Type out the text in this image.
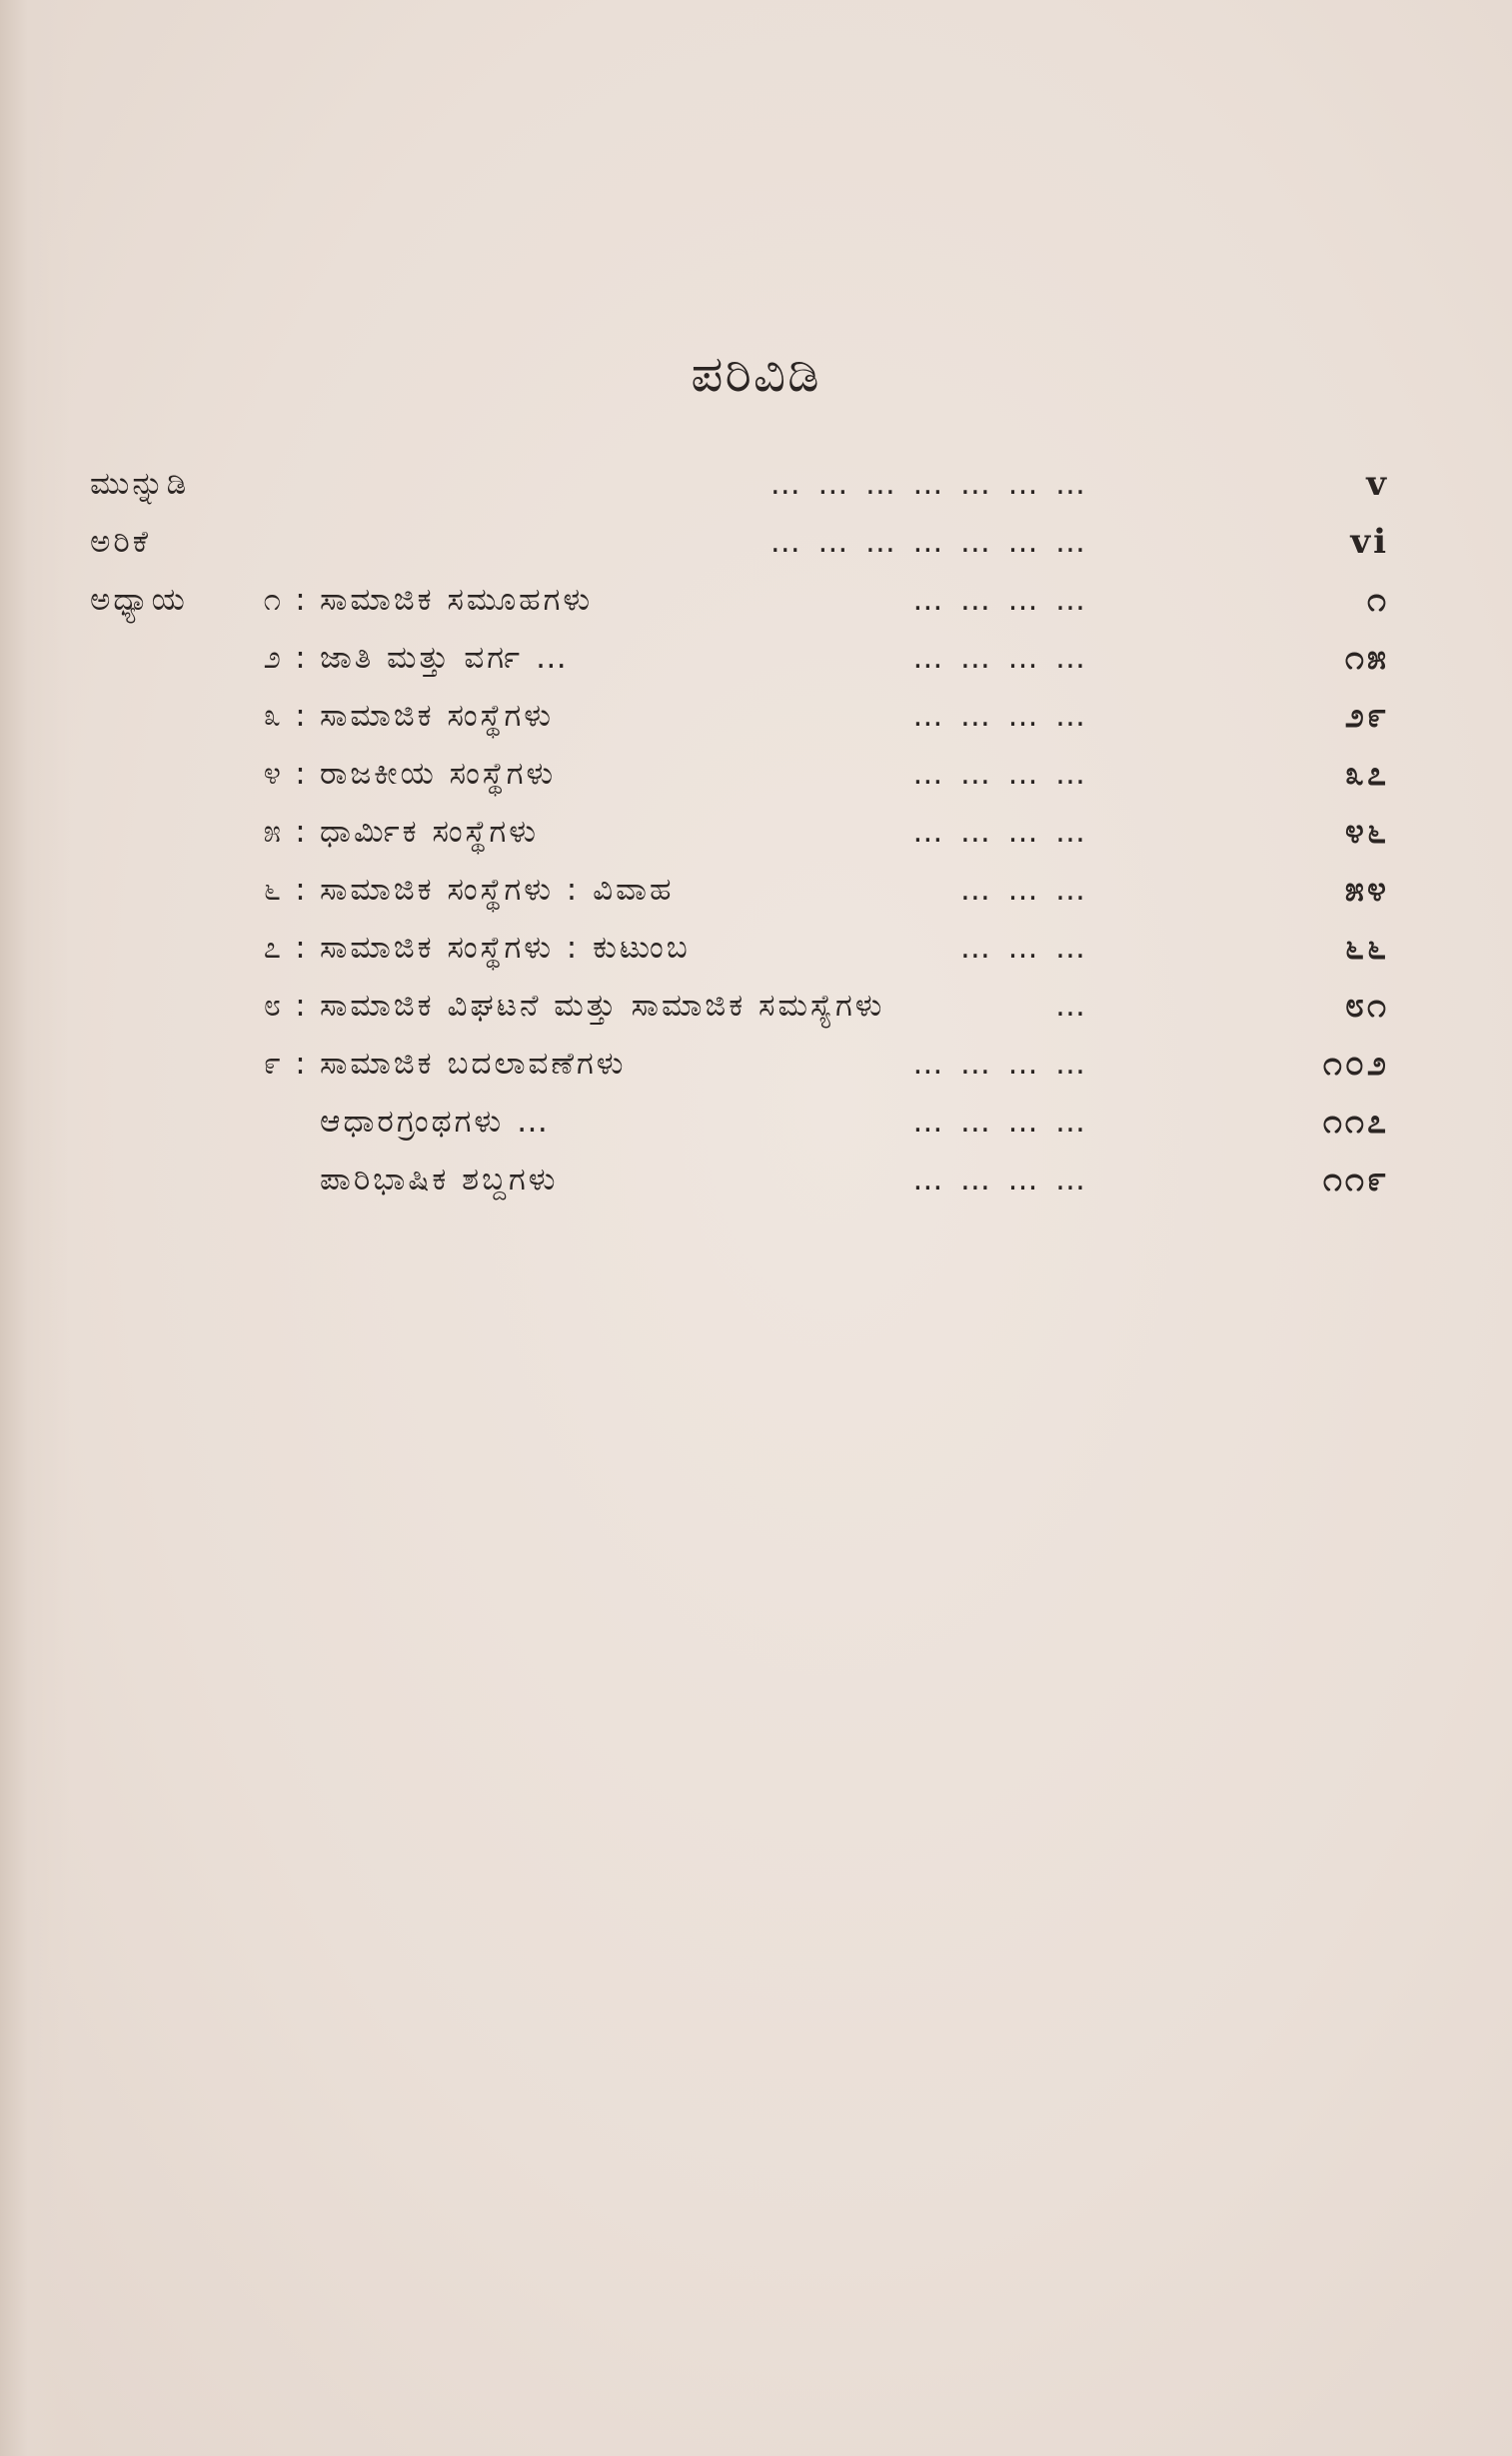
ಪರಿವಿಡಿ
ಮುನ್ನುಡಿ	… … … … … … …	v
ಅರಿಕೆ	… … … … … … …	vi
ಅಧ್ಯಾಯ	೧ : ಸಾಮಾಜಿಕ ಸಮೂಹಗಳು	… … … …	೧
೨ : ಜಾತಿ ಮತ್ತು ವರ್ಗ …	… … … …	೧೫
೩ : ಸಾಮಾಜಿಕ ಸಂಸ್ಥೆಗಳು	… … … …	೨೯
೪ : ರಾಜಕೀಯ ಸಂಸ್ಥೆಗಳು	… … … …	೩೭
೫ : ಧಾರ್ಮಿಕ ಸಂಸ್ಥೆಗಳು	… … … …	೪೬
೬ : ಸಾಮಾಜಿಕ ಸಂಸ್ಥೆಗಳು : ವಿವಾಹ	… … …	೫೪
೭ : ಸಾಮಾಜಿಕ ಸಂಸ್ಥೆಗಳು : ಕುಟುಂಬ	… … …	೬೬
೮ : ಸಾಮಾಜಿಕ ವಿಘಟನೆ ಮತ್ತು ಸಾಮಾಜಿಕ ಸಮಸ್ಯೆಗಳು	…	೮೧
೯ : ಸಾಮಾಜಿಕ ಬದಲಾವಣೆಗಳು	… … … …	೧೦೨
ಆಧಾರಗ್ರಂಥಗಳು …	… … … …	೧೧೭
ಪಾರಿಭಾಷಿಕ ಶಬ್ದಗಳು	… … … …	೧೧೯
